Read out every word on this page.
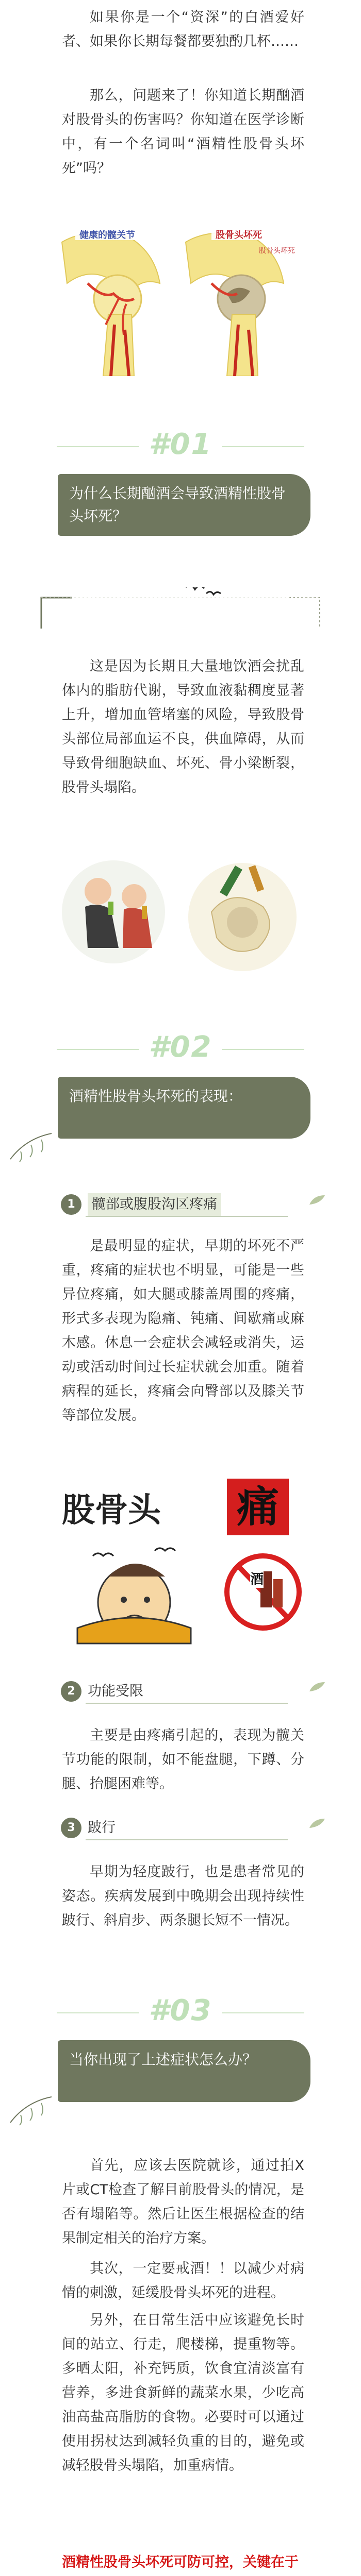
如果你是一个“资深”的白酒爱好者、如果你长期每餐都要独酌几杯……

那么，问题来了！你知道长期酗酒对股骨头的伤害吗？你知道在医学诊断中，有一个名词叫“酒精性股骨头坏死”吗？

健康的髋关节	股骨头坏死
股骨头坏死
#01
为什么长期酗酒会导致酒精性股骨头坏死？

这是因为长期且大量地饮酒会扰乱体内的脂肪代谢，导致血液黏稠度显著上升，增加血管堵塞的风险，导致股骨头部位局部血运不良，供血障碍，从而导致骨细胞缺血、坏死、骨小梁断裂，股骨头塌陷。

#02
酒精性股骨头坏死的表现：
1	髋部或腹股沟区疼痛

是最明显的症状，早期的坏死不严重，疼痛的症状也不明显，可能是一些异位疼痛，如大腿或膝盖周围的疼痛，形式多表现为隐痛、钝痛、间歇痛或麻木感。休息一会症状会减轻或消失，运动或活动时间过长症状就会加重。随着病程的延长，疼痛会向臀部以及膝关节等部位发展。

股骨头 痛
酒
2 功能受限

主要是由疼痛引起的，表现为髋关节功能的限制，如不能盘腿，下蹲、分腿、抬腿困难等。

3 跛行

早期为轻度跛行，也是患者常见的姿态。疾病发展到中晚期会出现持续性跛行、斜肩步、两条腿长短不一情况。

#03
当你出现了上述症状怎么办？

首先，应该去医院就诊，通过拍X片或CT检查了解目前股骨头的情况，是否有塌陷等。然后让医生根据检查的结果制定相关的治疗方案。

其次，一定要戒酒！！以减少对病情的刺激，延缓股骨头坏死的进程。

另外，在日常生活中应该避免长时间的站立、行走，爬楼梯，提重物等。多晒太阳，补充钙质，饮食宜清淡富有营养，多进食新鲜的蔬菜水果，少吃高油高盐高脂肪的食物。必要时可以通过使用拐杖达到减轻负重的目的，避免或减轻股骨头塌陷，加重病情。

酒精性股骨头坏死可防可控，关键在于
